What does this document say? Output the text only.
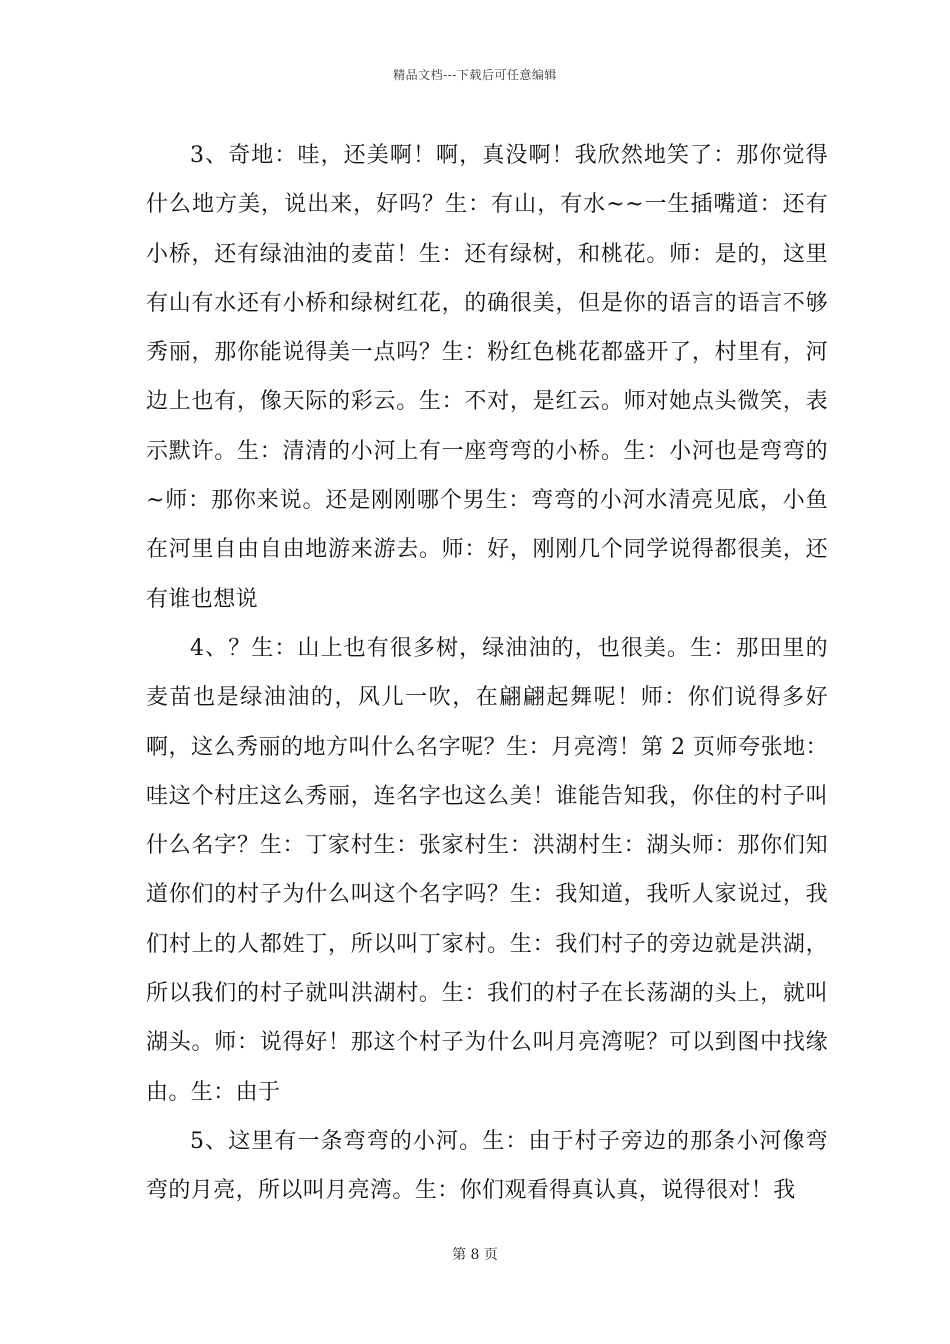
精品文档---下载后可任意编辑

3、奇地：哇，还美啊！啊，真没啊！我欣然地笑了：那你觉得什么地方美，说出来，好吗？生：有山，有水~~一生插嘴道：还有小桥，还有绿油油的麦苗！生：还有绿树，和桃花。师：是的，这里有山有水还有小桥和绿树红花，的确很美，但是你的语言的语言不够秀丽，那你能说得美一点吗？生：粉红色桃花都盛开了，村里有，河边上也有，像天际的彩云。生：不对，是红云。师对她点头微笑，表示默许。生：清清的小河上有一座弯弯的小桥。生：小河也是弯弯的~师：那你来说。还是刚刚哪个男生：弯弯的小河水清亮见底，小鱼在河里自由自由地游来游去。师：好，刚刚几个同学说得都很美，还有谁也想说

4、？生：山上也有很多树，绿油油的，也很美。生：那田里的麦苗也是绿油油的，风儿一吹，在翩翩起舞呢！师：你们说得多好啊，这么秀丽的地方叫什么名字呢？生：月亮湾！第 2 页师夸张地：哇这个村庄这么秀丽，连名字也这么美！谁能告知我，你住的村子叫什么名字？生：丁家村生：张家村生：洪湖村生：湖头师：那你们知道你们的村子为什么叫这个名字吗？生：我知道，我听人家说过，我们村上的人都姓丁，所以叫丁家村。生：我们村子的旁边就是洪湖，所以我们的村子就叫洪湖村。生：我们的村子在长荡湖的头上，就叫湖头。师：说得好！那这个村子为什么叫月亮湾呢？可以到图中找缘由。生：由于

5、这里有一条弯弯的小河。生：由于村子旁边的那条小河像弯弯的月亮，所以叫月亮湾。生：你们观看得真认真，说得很对！我

第 8 页
